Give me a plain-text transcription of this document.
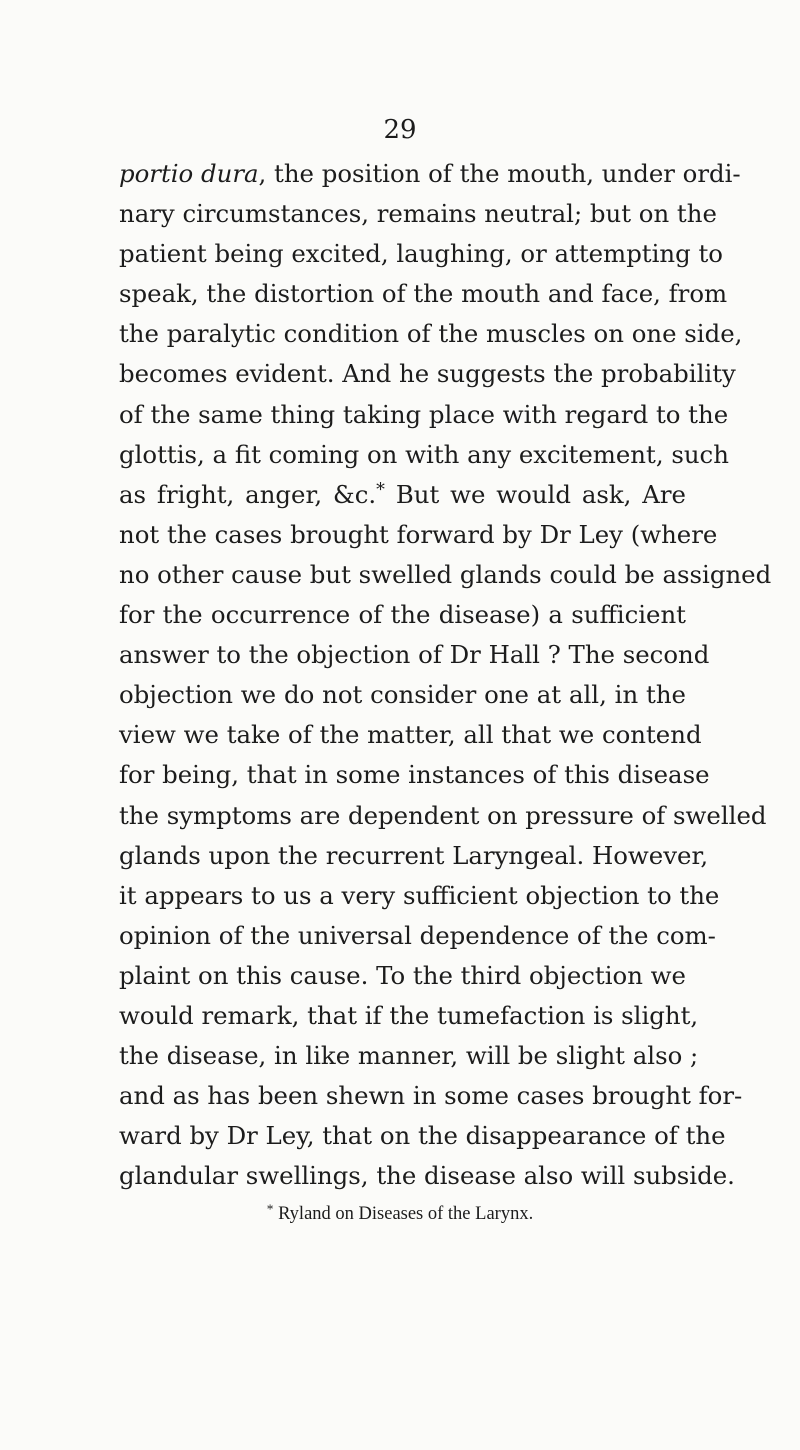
29
portio dura, the position of the mouth, under ordi-
nary circumstances, remains neutral; but on the
patient being excited, laughing, or attempting to
speak, the distortion of the mouth and face, from
the paralytic condition of the muscles on one side,
becomes evident. And he suggests the probability
of the same thing taking place with regard to the
glottis, a fit coming on with any excitement, such
as fright, anger, &c.* But we would ask, Are
not the cases brought forward by Dr Ley (where
no other cause but swelled glands could be assigned
for the occurrence of the disease) a sufficient
answer to the objection of Dr Hall ? The second
objection we do not consider one at all, in the
view we take of the matter, all that we contend
for being, that in some instances of this disease
the symptoms are dependent on pressure of swelled
glands upon the recurrent Laryngeal. However,
it appears to us a very sufficient objection to the
opinion of the universal dependence of the com-
plaint on this cause. To the third objection we
would remark, that if the tumefaction is slight,
the disease, in like manner, will be slight also ;
and as has been shewn in some cases brought for-
ward by Dr Ley, that on the disappearance of the
glandular swellings, the disease also will subside.
* Ryland on Diseases of the Larynx.
